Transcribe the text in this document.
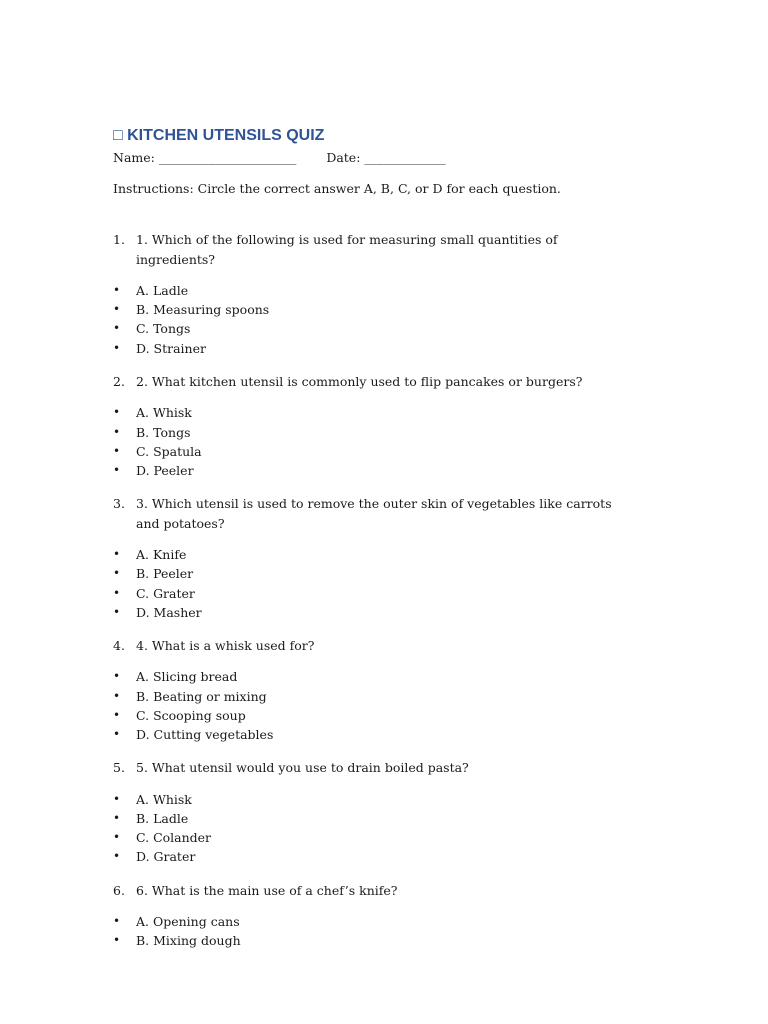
□ KITCHEN UTENSILS QUIZ
Name: ______________________ Date: _____________
Instructions: Circle the correct answer A, B, C, or D for each question.
1. 1. Which of the following is used for measuring small quantities of ingredients?
• A. Ladle
• B. Measuring spoons
• C. Tongs
• D. Strainer
2. 2. What kitchen utensil is commonly used to flip pancakes or burgers?
• A. Whisk
• B. Tongs
• C. Spatula
• D. Peeler
3. 3. Which utensil is used to remove the outer skin of vegetables like carrots and potatoes?
• A. Knife
• B. Peeler
• C. Grater
• D. Masher
4. 4. What is a whisk used for?
• A. Slicing bread
• B. Beating or mixing
• C. Scooping soup
• D. Cutting vegetables
5. 5. What utensil would you use to drain boiled pasta?
• A. Whisk
• B. Ladle
• C. Colander
• D. Grater
6. 6. What is the main use of a chef’s knife?
• A. Opening cans
• B. Mixing dough
